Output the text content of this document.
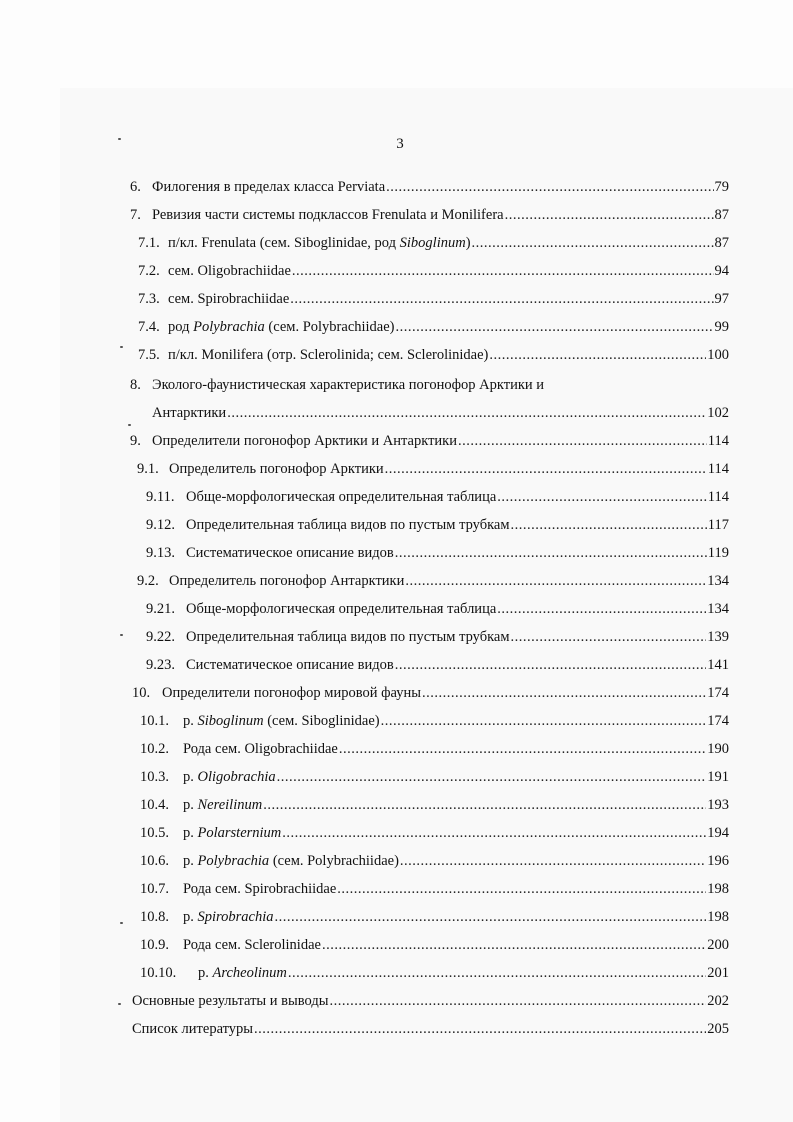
3
6. Филогения в пределах класса Perviata .....	79
7. Ревизия части системы подклассов Frenulata и Monilifera .....	87
7.1. п/кл. Frenulata (сем. Siboglinidae, род Siboglinum) .....	87
7.2. сем. Oligobrachiidae .....	94
7.3. сем. Spirobrachiidae .....	97
7.4. род Polybrachia (сем. Polybrachiidae) .....	99
7.5. п/кл. Monilifera (отр. Sclerolinida; сем. Sclerolinidae) .....	100
8. Эколого-фаунистическая характеристика погонофор Арктики и
Антарктики .....	102
9. Определители погонофор Арктики и Антарктики .....	114
9.1. Определитель погонофор Арктики .....	114
9.11. Обще-морфологическая определительная таблица .....	114
9.12. Определительная таблица видов по пустым трубкам .....	117
9.13. Систематическое описание видов .....	119
9.2. Определитель погонофор Антарктики .....	134
9.21. Обще-морфологическая определительная таблица .....	134
9.22. Определительная таблица видов по пустым трубкам .....	139
9.23. Систематическое описание видов .....	141
10. Определители погонофор мировой фауны .....	174
10.1. р. Siboglinum (сем. Siboglinidae) .....	174
10.2. Рода сем. Oligobrachiidae .....	190
10.3. р. Oligobrachia .....	191
10.4. р. Nereilinum .....	193
10.5. р. Polarsternium .....	194
10.6. р. Polybrachia (сем. Polybrachiidae) .....	196
10.7. Рода сем. Spirobrachiidae .....	198
10.8. р. Spirobrachia .....	198
10.9. Рода сем. Sclerolinidae .....	200
10.10.	р. Archeolinum .....	201
Основные результаты и выводы .....	202
Список литературы .....	205
